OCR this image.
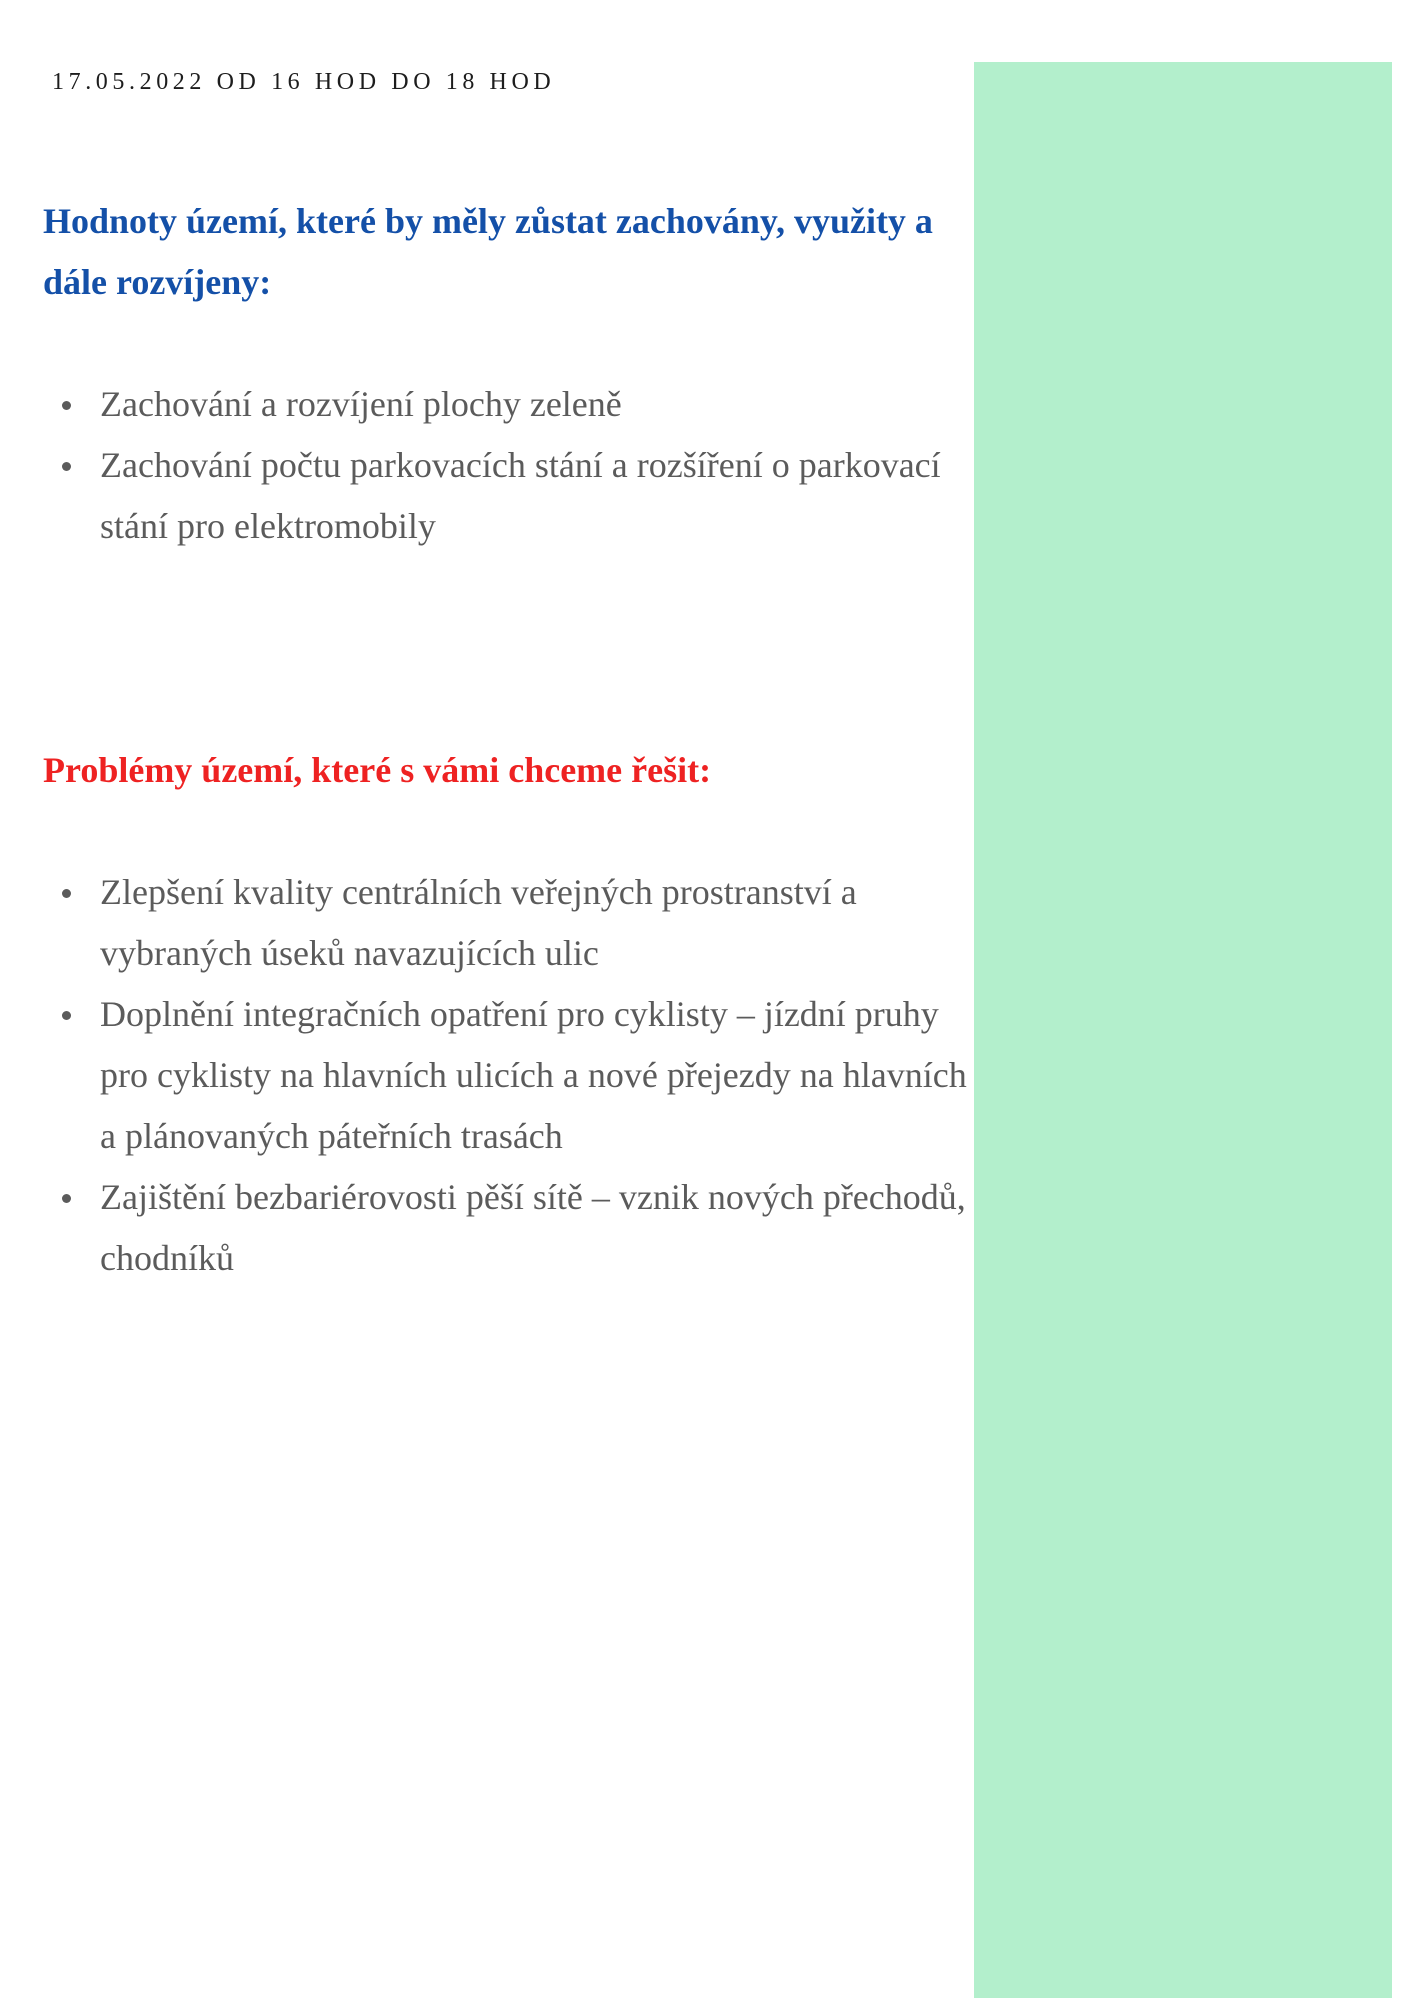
17.05.2022 OD 16 HOD DO 18 HOD
Hodnoty území, které by měly zůstat zachovány, využity a dále rozvíjeny:
Zachování a rozvíjení plochy zeleně
Zachování počtu parkovacích stání a rozšíření o parkovací stání pro elektromobily
Problémy území, které s vámi chceme řešit:
Zlepšení kvality centrálních veřejných prostranství a vybraných úseků navazujících ulic
Doplnění integračních opatření pro cyklisty – jízdní pruhy pro cyklisty na hlavních ulicích a nové přejezdy na hlavních a plánovaných páteřních trasách
Zajištění bezbariérovosti pěší sítě – vznik nových přechodů, chodníků
